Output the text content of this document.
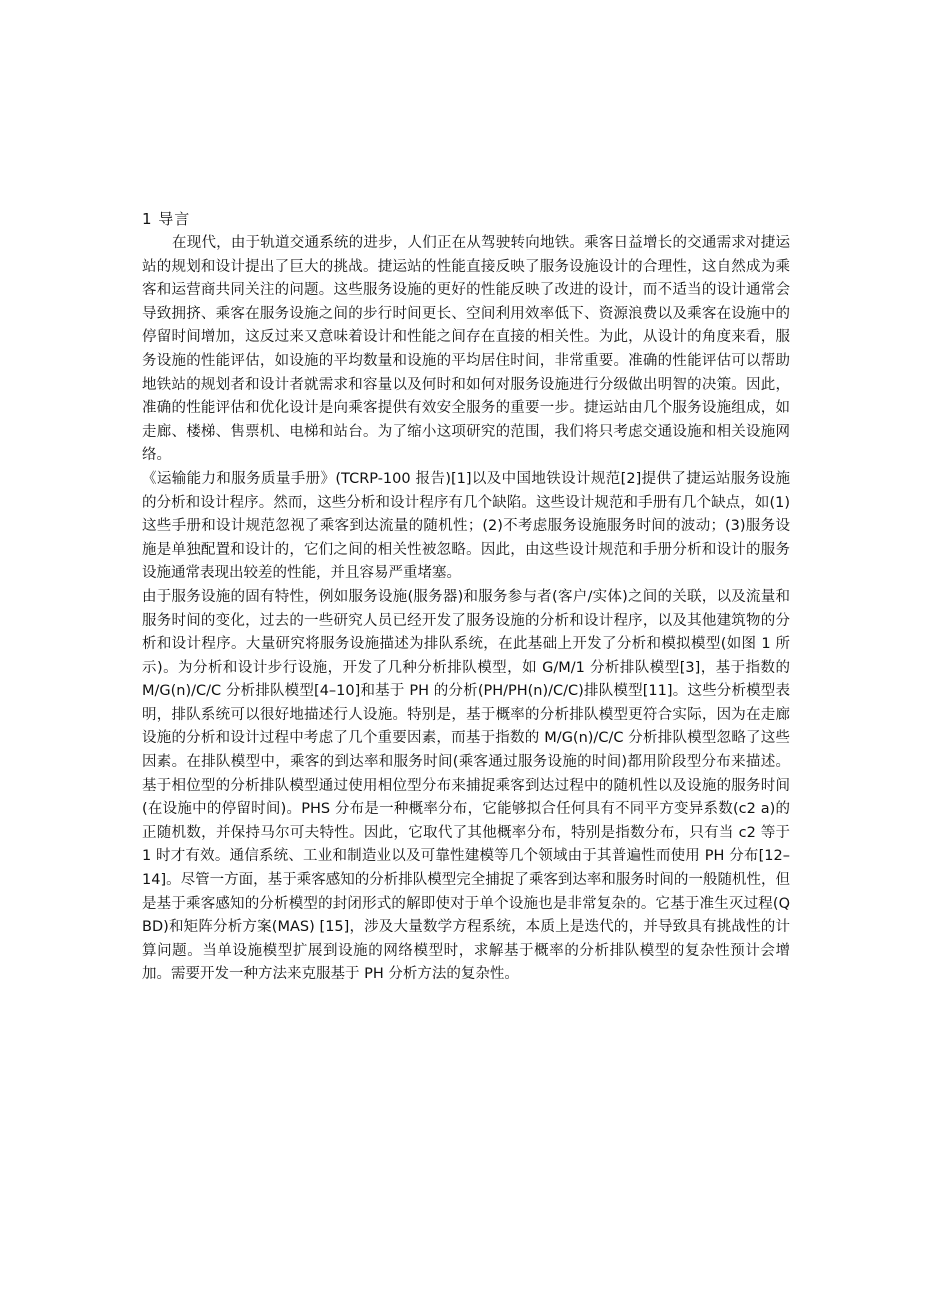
1 导言

在现代，由于轨道交通系统的进步，人们正在从驾驶转向地铁。乘客日益增长的交通需求对捷运站的规划和设计提出了巨大的挑战。捷运站的性能直接反映了服务设施设计的合理性，这自然成为乘客和运营商共同关注的问题。这些服务设施的更好的性能反映了改进的设计，而不适当的设计通常会导致拥挤、乘客在服务设施之间的步行时间更长、空间利用效率低下、资源浪费以及乘客在设施中的停留时间增加，这反过来又意味着设计和性能之间存在直接的相关性。为此，从设计的角度来看，服务设施的性能评估，如设施的平均数量和设施的平均居住时间，非常重要。准确的性能评估可以帮助地铁站的规划者和设计者就需求和容量以及何时和如何对服务设施进行分级做出明智的决策。因此，准确的性能评估和优化设计是向乘客提供有效安全服务的重要一步。捷运站由几个服务设施组成，如走廊、楼梯、售票机、电梯和站台。为了缩小这项研究的范围，我们将只考虑交通设施和相关设施网络。

《运输能力和服务质量手册》(TCRP-100 报告)[1]以及中国地铁设计规范[2]提供了捷运站服务设施的分析和设计程序。然而，这些分析和设计程序有几个缺陷。这些设计规范和手册有几个缺点，如(1)这些手册和设计规范忽视了乘客到达流量的随机性；(2)不考虑服务设施服务时间的波动；(3)服务设施是单独配置和设计的，它们之间的相关性被忽略。因此，由这些设计规范和手册分析和设计的服务设施通常表现出较差的性能，并且容易严重堵塞。

由于服务设施的固有特性，例如服务设施(服务器)和服务参与者(客户/实体)之间的关联，以及流量和服务时间的变化，过去的一些研究人员已经开发了服务设施的分析和设计程序，以及其他建筑物的分析和设计程序。大量研究将服务设施描述为排队系统，在此基础上开发了分析和模拟模型(如图 1 所示)。为分析和设计步行设施，开发了几种分析排队模型，如 G/M/1 分析排队模型[3]，基于指数的 M/G(n)/C/C 分析排队模型[4–10]和基于 PH 的分析(PH/PH(n)/C/C)排队模型[11]。这些分析模型表明，排队系统可以很好地描述行人设施。特别是，基于概率的分析排队模型更符合实际，因为在走廊设施的分析和设计过程中考虑了几个重要因素，而基于指数的 M/G(n)/C/C 分析排队模型忽略了这些因素。在排队模型中，乘客的到达率和服务时间(乘客通过服务设施的时间)都用阶段型分布来描述。基于相位型的分析排队模型通过使用相位型分布来捕捉乘客到达过程中的随机性以及设施的服务时间(在设施中的停留时间)。PHS 分布是一种概率分布，它能够拟合任何具有不同平方变异系数(c2 a)的正随机数，并保持马尔可夫特性。因此，它取代了其他概率分布，特别是指数分布，只有当 c2 等于 1 时才有效。通信系统、工业和制造业以及可靠性建模等几个领域由于其普遍性而使用 PH 分布[12–14]。尽管一方面，基于乘客感知的分析排队模型完全捕捉了乘客到达率和服务时间的一般随机性，但是基于乘客感知的分析模型的封闭形式的解即使对于单个设施也是非常复杂的。它基于准生灭过程(QBD)和矩阵分析方案(MAS) [15]，涉及大量数学方程系统，本质上是迭代的，并导致具有挑战性的计算问题。当单设施模型扩展到设施的网络模型时，求解基于概率的分析排队模型的复杂性预计会增加。需要开发一种方法来克服基于 PH 分析方法的复杂性。
